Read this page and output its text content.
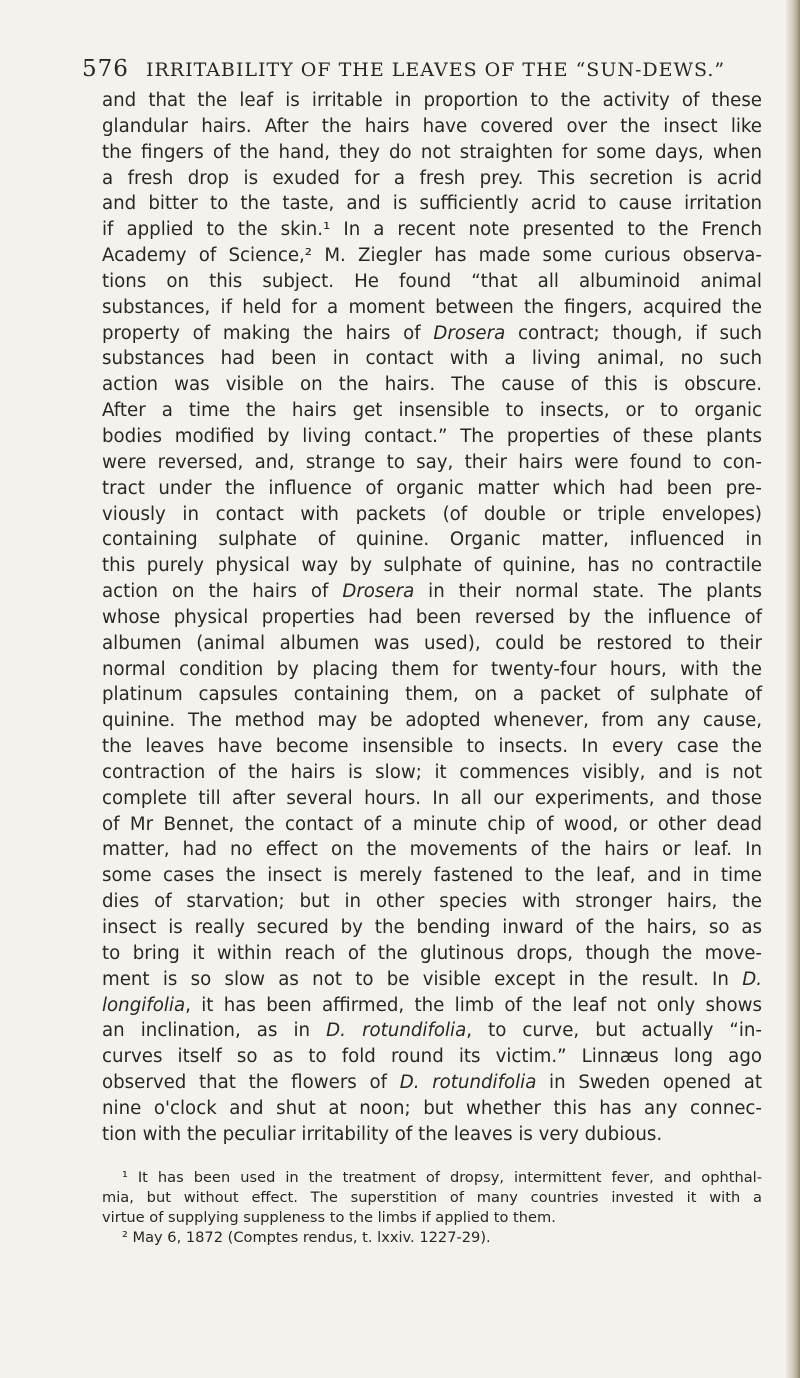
576 IRRITABILITY OF THE LEAVES OF THE “SUN-DEWS.”
and that the leaf is irritable in proportion to the activity of these
glandular hairs. After the hairs have covered over the insect like
the fingers of the hand, they do not straighten for some days, when
a fresh drop is exuded for a fresh prey. This secretion is acrid
and bitter to the taste, and is sufficiently acrid to cause irritation
if applied to the skin.¹ In a recent note presented to the French
Academy of Science,² M. Ziegler has made some curious observa-
tions on this subject. He found “that all albuminoid animal
substances, if held for a moment between the fingers, acquired the
property of making the hairs of Drosera contract; though, if such
substances had been in contact with a living animal, no such
action was visible on the hairs. The cause of this is obscure.
After a time the hairs get insensible to insects, or to organic
bodies modified by living contact.” The properties of these plants
were reversed, and, strange to say, their hairs were found to con-
tract under the influence of organic matter which had been pre-
viously in contact with packets (of double or triple envelopes)
containing sulphate of quinine. Organic matter, influenced in
this purely physical way by sulphate of quinine, has no contractile
action on the hairs of Drosera in their normal state. The plants
whose physical properties had been reversed by the influence of
albumen (animal albumen was used), could be restored to their
normal condition by placing them for twenty-four hours, with the
platinum capsules containing them, on a packet of sulphate of
quinine. The method may be adopted whenever, from any cause,
the leaves have become insensible to insects. In every case the
contraction of the hairs is slow; it commences visibly, and is not
complete till after several hours. In all our experiments, and those
of Mr Bennet, the contact of a minute chip of wood, or other dead
matter, had no effect on the movements of the hairs or leaf. In
some cases the insect is merely fastened to the leaf, and in time
dies of starvation; but in other species with stronger hairs, the
insect is really secured by the bending inward of the hairs, so as
to bring it within reach of the glutinous drops, though the move-
ment is so slow as not to be visible except in the result. In D.
longifolia, it has been affirmed, the limb of the leaf not only shows
an inclination, as in D. rotundifolia, to curve, but actually “in-
curves itself so as to fold round its victim.” Linnæus long ago
observed that the flowers of D. rotundifolia in Sweden opened at
nine o'clock and shut at noon; but whether this has any connec-
tion with the peculiar irritability of the leaves is very dubious.
¹ It has been used in the treatment of dropsy, intermittent fever, and ophthal-
mia, but without effect. The superstition of many countries invested it with a
virtue of supplying suppleness to the limbs if applied to them.
² May 6, 1872 (Comptes rendus, t. lxxiv. 1227-29).
